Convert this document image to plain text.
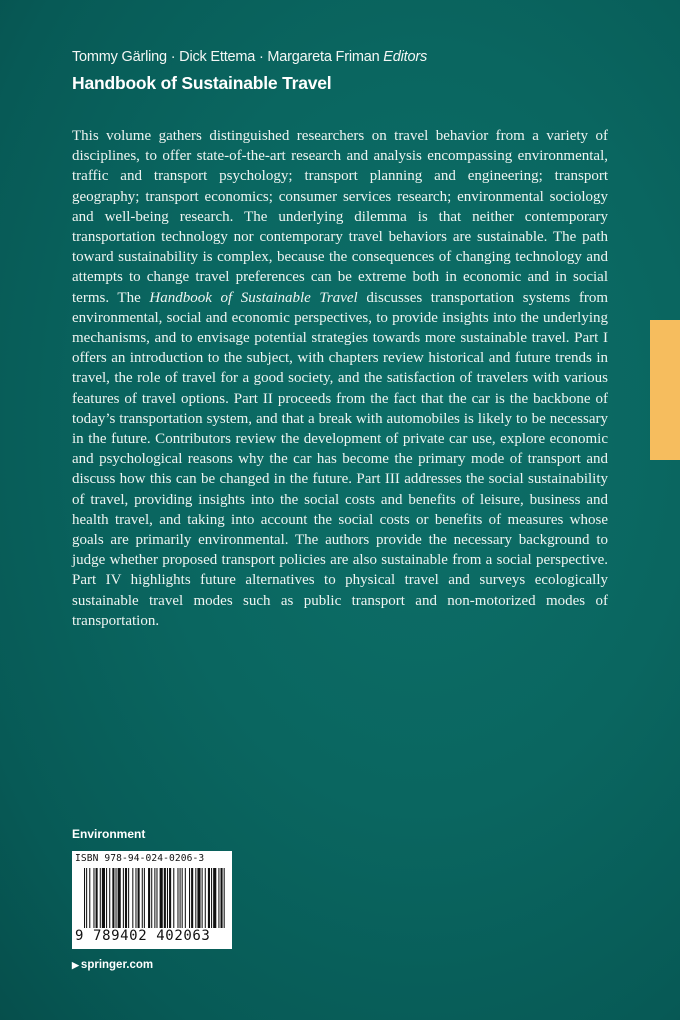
Tommy Gärling · Dick Ettema · Margareta Friman Editors
Handbook of Sustainable Travel

This volume gathers distinguished researchers on travel behavior from a variety of disciplines, to offer state-of-the-art research and analysis encompassing environmental, traffic and transport psychology; transport planning and engineering; transport geography; transport economics; consumer services research; environmental sociology and well-being research. The underlying dilemma is that neither contemporary transportation technology nor contemporary travel behaviors are sustainable. The path toward sustainability is complex, because the consequences of changing technology and attempts to change travel preferences can be extreme both in economic and in social terms. The Handbook of Sustainable Travel discusses transportation systems from environmental, social and economic perspectives, to provide insights into the underlying mechanisms, and to envisage potential strategies towards more sustainable travel. Part I offers an introduction to the subject, with chapters review historical and future trends in travel, the role of travel for a good society, and the satisfaction of travelers with various features of travel options. Part II proceeds from the fact that the car is the backbone of today’s transportation system, and that a break with automobiles is likely to be necessary in the future. Contributors review the development of private car use, explore economic and psychological reasons why the car has become the primary mode of transport and discuss how this can be changed in the future. Part III addresses the social sustainability of travel, providing insights into the social costs and benefits of leisure, business and health travel, and taking into account the social costs or benefits of measures whose goals are primarily environmental. The authors provide the necessary background to judge whether proposed transport policies are also sustainable from a social perspective. Part IV highlights future alternatives to physical travel and surveys ecologically sustainable travel modes such as public transport and non-motorized modes of transportation.

Environment
ISBN 978-94-024-0206-3
9 789402 402063
▶ springer.com
